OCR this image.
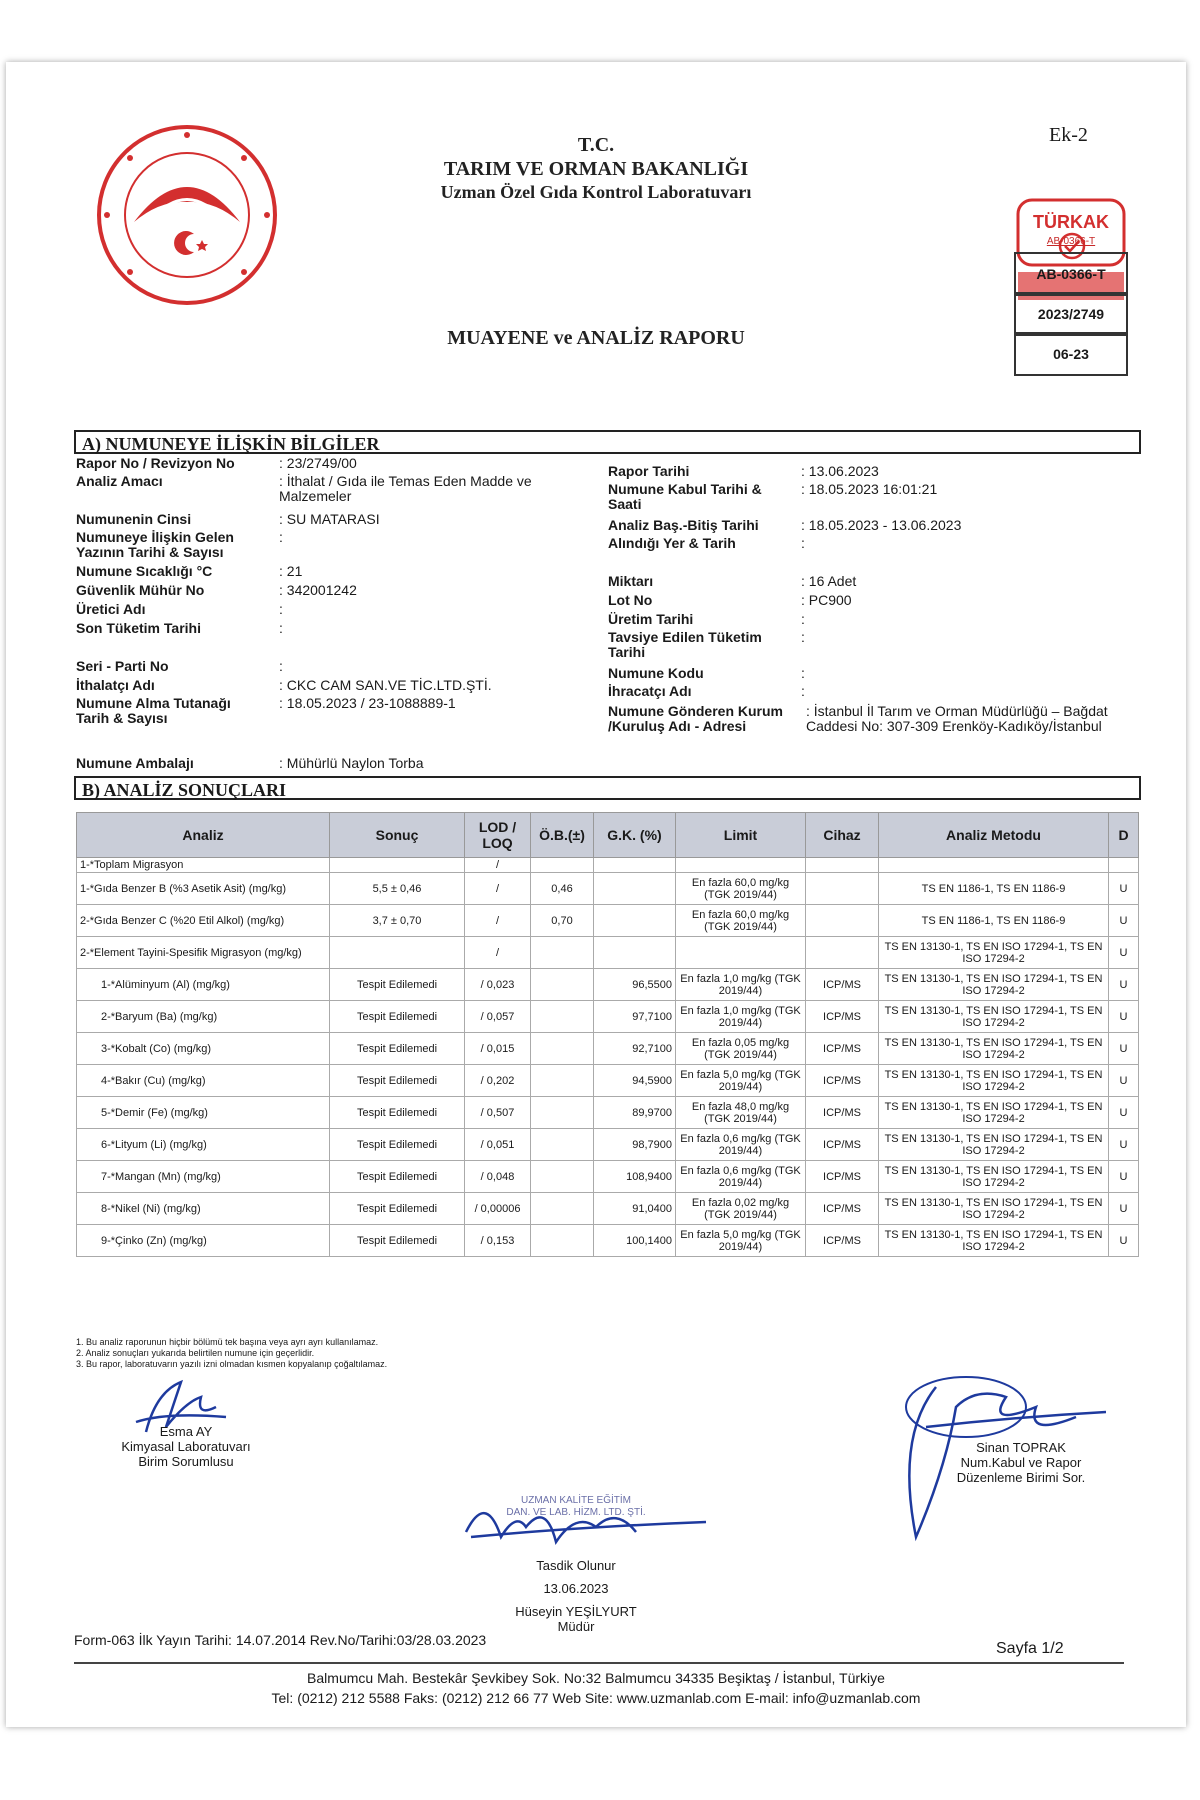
T.C.
TARIM VE ORMAN BAKANLIĞI
Uzman Özel Gıda Kontrol Laboratuvarı
MUAYENE ve ANALİZ RAPORU
Ek-2
TÜRKAK
AB-0366-T
AB-0366-T
2023/2749
06-23
A) NUMUNEYE İLİŞKİN BİLGİLER
Rapor No / Revizyon No	: 23/2749/00
Analiz Amacı	: İthalat / Gıda ile Temas Eden Madde ve Malzemeler
Numunenin Cinsi	: SU MATARASI
Numuneye İlişkin Gelen Yazının Tarihi & Sayısı
:
Numune Sıcaklığı °C	: 21
Güvenlik Mühür No	: 342001242
Üretici Adı	:
Son Tüketim Tarihi	:
Seri - Parti No	:
İthalatçı Adı	: CKC CAM SAN.VE TİC.LTD.ŞTİ.
Numune Alma Tutanağı Tarih & Sayısı
: 18.05.2023 / 23-1088889-1
Numune Ambalajı	: Mühürlü Naylon Torba
Rapor Tarihi	: 13.06.2023
Numune Kabul Tarihi & Saati
: 18.05.2023 16:01:21
Analiz Baş.-Bitiş Tarihi	: 18.05.2023 - 13.06.2023
Alındığı Yer & Tarih	:
Miktarı	: 16 Adet
Lot No	: PC900
Üretim Tarihi	:
Tavsiye Edilen Tüketim Tarihi
:
Numune Kodu	:
İhracatçı Adı	:
Numune Gönderen Kurum /Kuruluş Adı - Adresi
: İstanbul İl Tarım ve Orman Müdürlüğü – Bağdat Caddesi No: 307-309 Erenköy-Kadıköy/İstanbul
B) ANALİZ SONUÇLARI
Analiz	Sonuç	LOD / LOQ	Ö.B.(±)	G.K. (%)	Limit	Cihaz	Analiz Metodu	D
1-*Toplam Migrasyon		/						
1-*Gıda Benzer B (%3 Asetik Asit) (mg/kg)	5,5 ± 0,46	/	0,46		En fazla 60,0 mg/kg (TGK 2019/44)		TS EN 1186-1, TS EN 1186-9	U
2-*Gıda Benzer C (%20 Etil Alkol) (mg/kg)	3,7 ± 0,70	/	0,70		En fazla 60,0 mg/kg (TGK 2019/44)		TS EN 1186-1, TS EN 1186-9	U
2-*Element Tayini-Spesifik Migrasyon (mg/kg)		/					TS EN 13130-1, TS EN ISO 17294-1, TS EN ISO 17294-2	U
1-*Alüminyum (Al) (mg/kg)	Tespit Edilemedi	/ 0,023		96,5500	En fazla 1,0 mg/kg (TGK 2019/44)	ICP/MS	TS EN 13130-1, TS EN ISO 17294-1, TS EN ISO 17294-2	U
2-*Baryum (Ba) (mg/kg)	Tespit Edilemedi	/ 0,057		97,7100	En fazla 1,0 mg/kg (TGK 2019/44)	ICP/MS	TS EN 13130-1, TS EN ISO 17294-1, TS EN ISO 17294-2	U
3-*Kobalt (Co) (mg/kg)	Tespit Edilemedi	/ 0,015		92,7100	En fazla 0,05 mg/kg (TGK 2019/44)	ICP/MS	TS EN 13130-1, TS EN ISO 17294-1, TS EN ISO 17294-2	U
4-*Bakır (Cu) (mg/kg)	Tespit Edilemedi	/ 0,202		94,5900	En fazla 5,0 mg/kg (TGK 2019/44)	ICP/MS	TS EN 13130-1, TS EN ISO 17294-1, TS EN ISO 17294-2	U
5-*Demir (Fe) (mg/kg)	Tespit Edilemedi	/ 0,507		89,9700	En fazla 48,0 mg/kg (TGK 2019/44)	ICP/MS	TS EN 13130-1, TS EN ISO 17294-1, TS EN ISO 17294-2	U
6-*Lityum (Li) (mg/kg)	Tespit Edilemedi	/ 0,051		98,7900	En fazla 0,6 mg/kg (TGK 2019/44)	ICP/MS	TS EN 13130-1, TS EN ISO 17294-1, TS EN ISO 17294-2	U
7-*Mangan (Mn) (mg/kg)	Tespit Edilemedi	/ 0,048		108,9400	En fazla 0,6 mg/kg (TGK 2019/44)	ICP/MS	TS EN 13130-1, TS EN ISO 17294-1, TS EN ISO 17294-2	U
8-*Nikel (Ni) (mg/kg)	Tespit Edilemedi	/ 0,00006		91,0400	En fazla 0,02 mg/kg (TGK 2019/44)	ICP/MS	TS EN 13130-1, TS EN ISO 17294-1, TS EN ISO 17294-2	U
9-*Çinko (Zn) (mg/kg)	Tespit Edilemedi	/ 0,153		100,1400	En fazla 5,0 mg/kg (TGK 2019/44)	ICP/MS	TS EN 13130-1, TS EN ISO 17294-1, TS EN ISO 17294-2	U
1. Bu analiz raporunun hiçbir bölümü tek başına veya ayrı ayrı kullanılamaz.
2. Analiz sonuçları yukarıda belirtilen numune için geçerlidir.
3. Bu rapor, laboratuvarın yazılı izni olmadan kısmen kopyalanıp çoğaltılamaz.
Esma AY
Kimyasal Laboratuvarı
Birim Sorumlusu
Sinan TOPRAK
Num.Kabul ve Rapor
Düzenleme Birimi Sor.
UZMAN KALİTE EĞİTİM
DAN. VE LAB. HİZM. LTD. ŞTİ.
Tasdik Olunur
13.06.2023
Hüseyin YEŞİLYURT
Müdür
Form-063 İlk Yayın Tarihi: 14.07.2014 Rev.No/Tarihi:03/28.03.2023	Sayfa 1/2
Balmumcu Mah. Bestekâr Şevkibey Sok. No:32 Balmumcu 34335 Beşiktaş / İstanbul, Türkiye
Tel: (0212) 212 5588 Faks: (0212) 212 66 77 Web Site: www.uzmanlab.com E-mail: info@uzmanlab.com
